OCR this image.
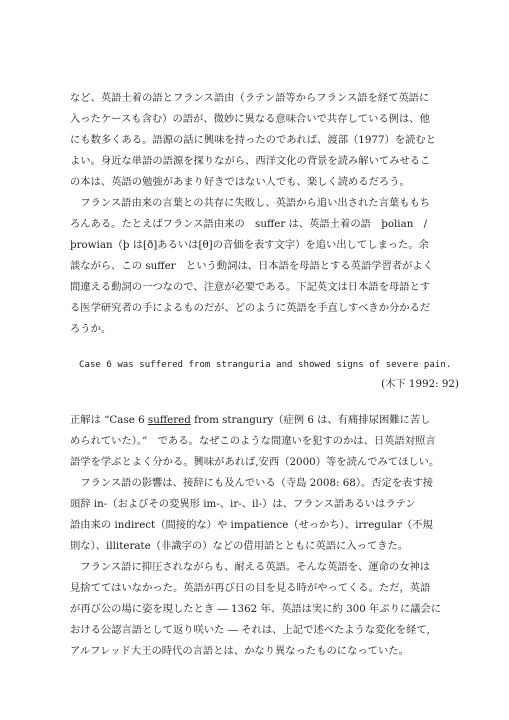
など、英語土着の語とフランス語由（ラテン語等からフランス語を経て英語に
入ったケースも含む）の語が、微妙に異なる意味合いで共存している例は、他
にも数多くある。語源の話に興味を持ったのであれば、渡部（1977）を読むと
よい。身近な単語の語源を探りながら、西洋文化の背景を読み解いてみせるこ
の本は、英語の勉強があまり好きではない人でも、楽しく読めるだろう。
　フランス語由来の言葉との共存に失敗し、英語から追い出された言葉ももち
ろんある。たとえばフランス語由来の　suffer は、英語土着の語　þolian　/
þrowian（þ は[ð]あるいは[θ]の音価を表す文字）を追い出してしまった。余
談ながら、この suffer　という動詞は、日本語を母語とする英語学習者がよく
間違える動詞の一つなので、注意が必要である。下記英文は日本語を母語とす
る医学研究者の手によるものだが、どのように英語を手直しすべきか分かるだ
ろうか。
Case 6 was suffered from stranguria and showed signs of severe pain.
(木下 1992: 92)
正解は “Case 6 suffered from strangury（症例 6 は、有痛排尿困難に苦し
められていた）。”　である。なぜこのような間違いを犯すのかは、日英語対照言
語学を学ぶとよく分かる。興味があれば,安西（2000）等を読んでみてほしい。
　フランス語の影響は、接辞にも及んでいる（寺島 2008: 68）。否定を表す接
頭辞 in-（およびその変異形 im-、ir-、il-）は、フランス語あるいはラテン
語由来の indirect（間接的な）や impatience（せっかち）、irregular（不規
則な）、illiterate（非識字の）などの借用語とともに英語に入ってきた。
　フランス語に抑圧されながらも、耐える英語。そんな英語を、運命の女神は
見捨ててはいなかった。英語が再び日の目を見る時がやってくる。ただ，英語
が再び公の場に姿を現したとき ― 1362 年、英語は実に約 300 年ぶりに議会に
おける公認言語として返り咲いた ― それは、上記で述べたような変化を経て,
アルフレッド大王の時代の言語とは、かなり異なったものになっていた。
